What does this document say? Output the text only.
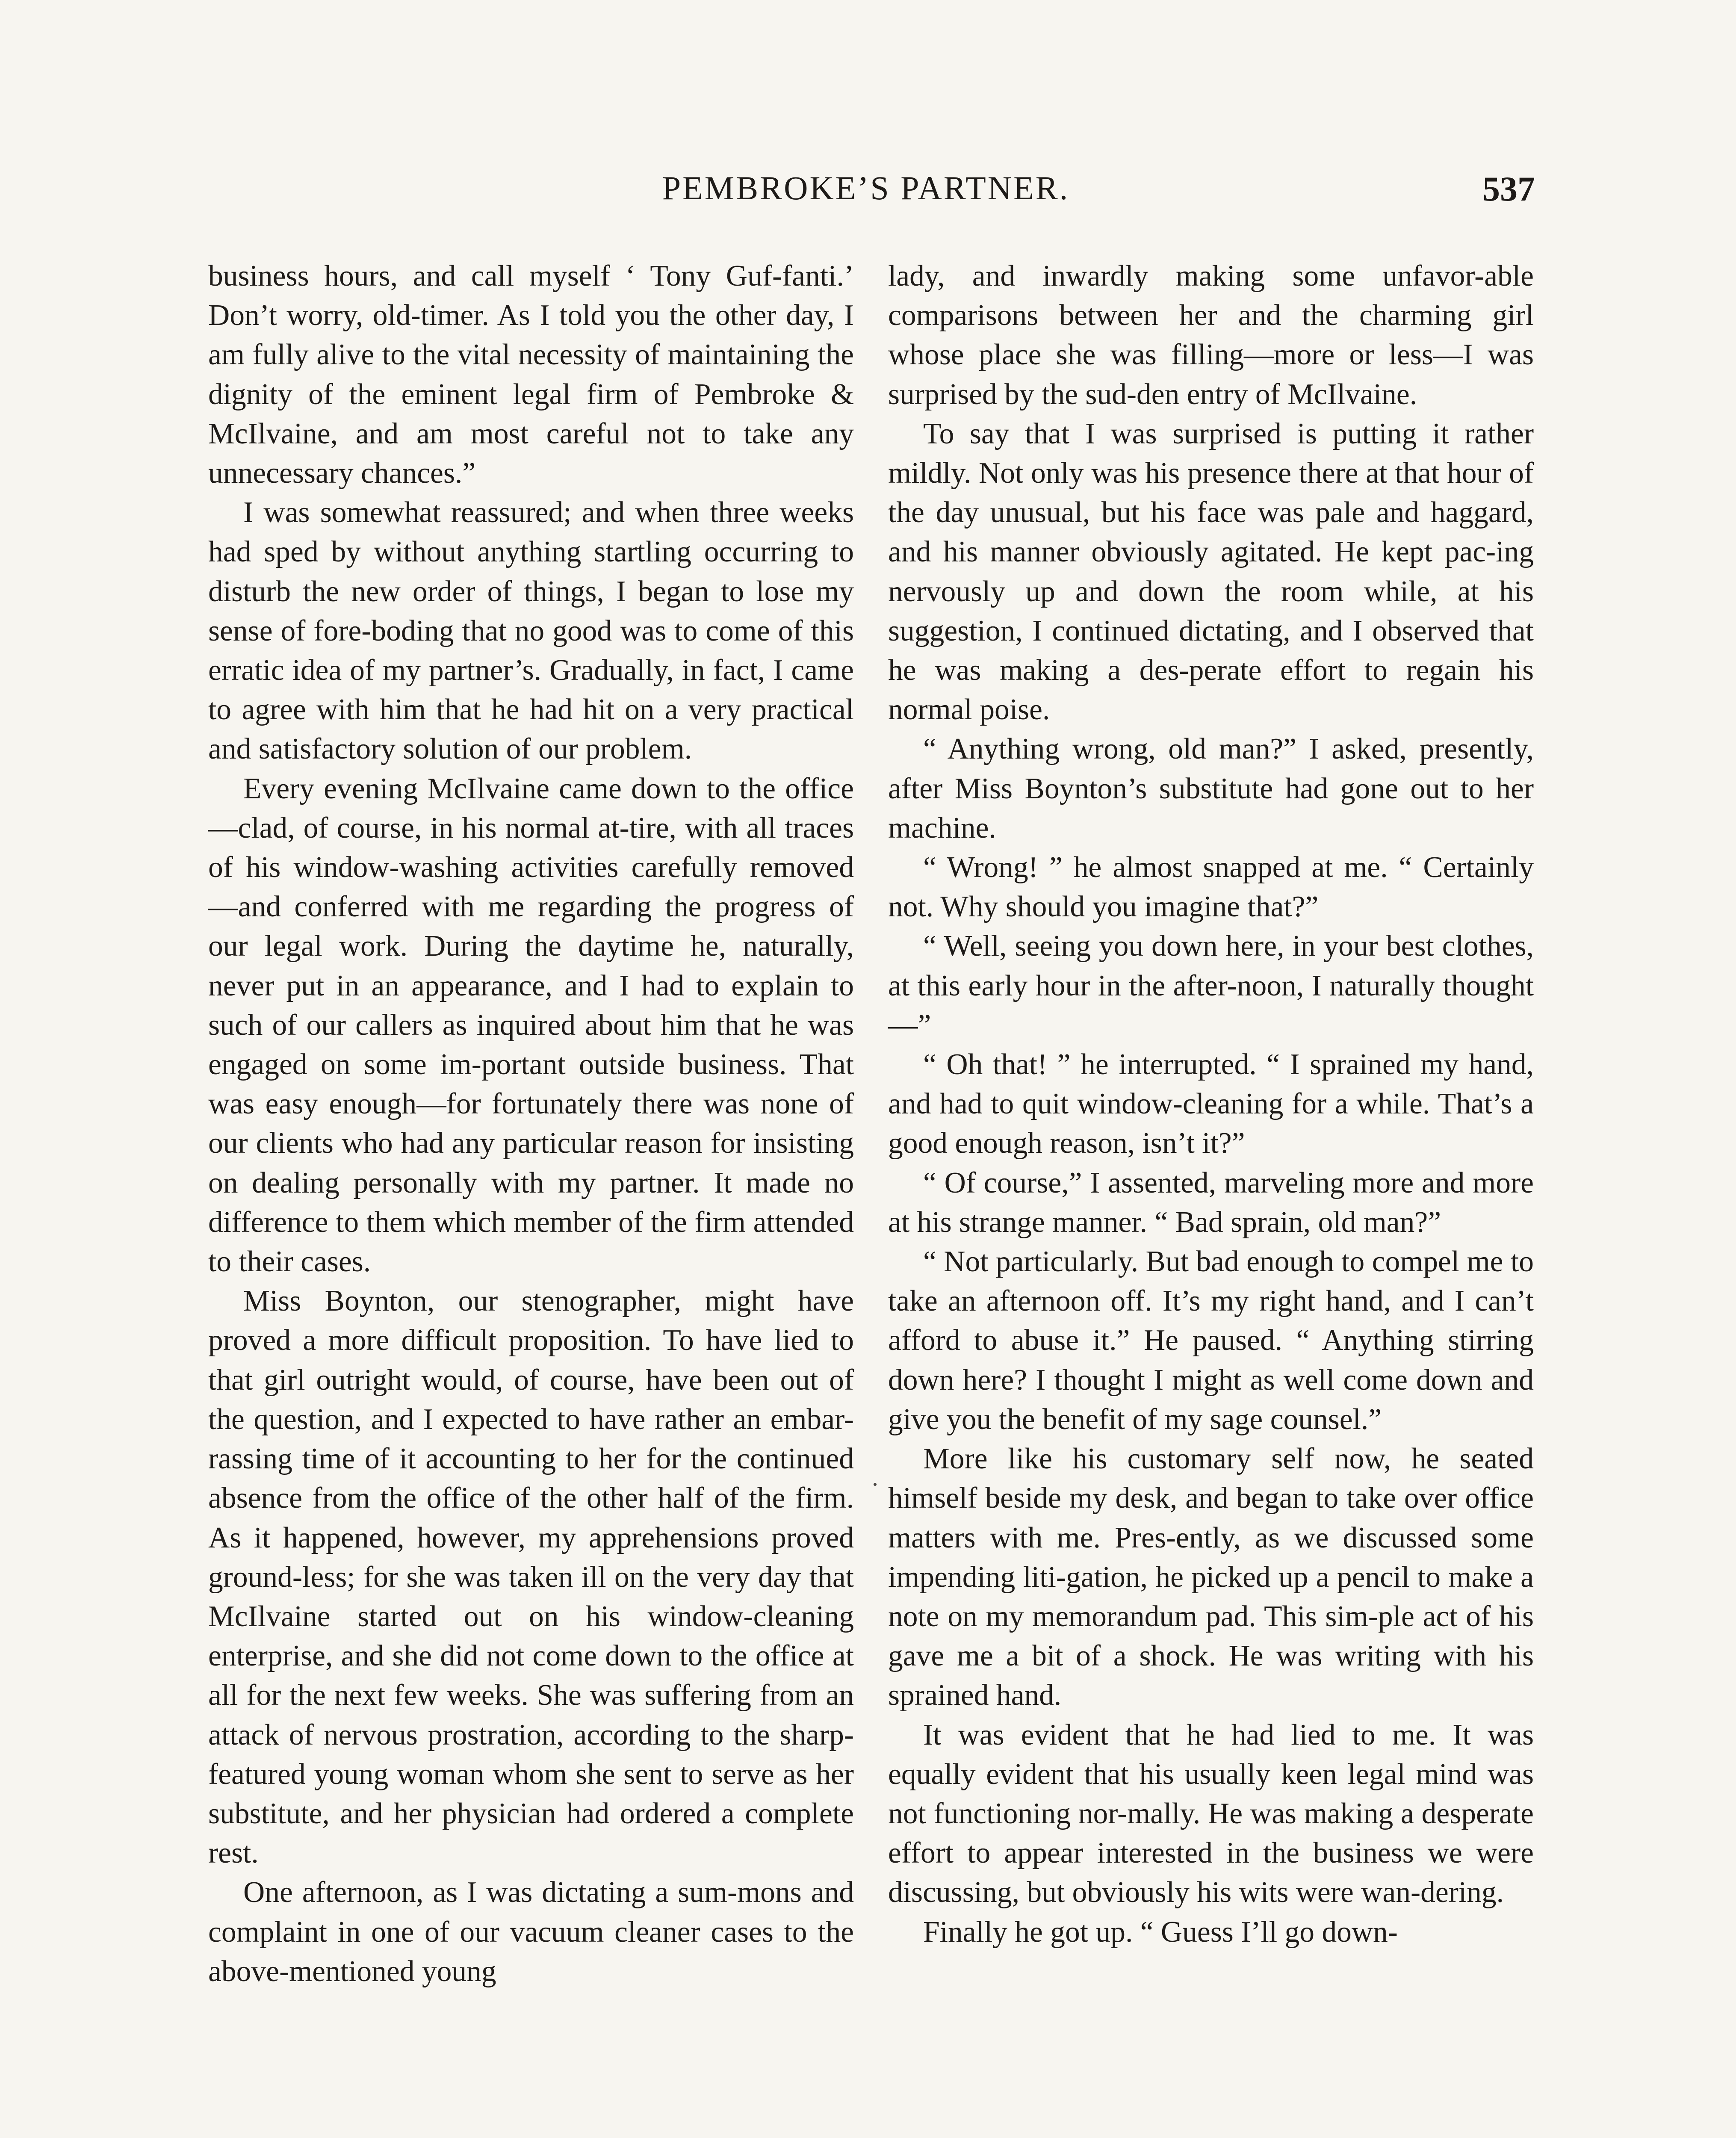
PEMBROKE’S PARTNER.	537

business hours, and call myself ‘ Tony Guf-fanti.’ Don’t worry, old-timer. As I told you the other day, I am fully alive to the vital necessity of maintaining the dignity of the eminent legal firm of Pembroke & McIlvaine, and am most careful not to take any unnecessary chances.”

I was somewhat reassured; and when three weeks had sped by without anything startling occurring to disturb the new order of things, I began to lose my sense of fore-boding that no good was to come of this erratic idea of my partner’s. Gradually, in fact, I came to agree with him that he had hit on a very practical and satisfactory solution of our problem.

Every evening McIlvaine came down to the office—clad, of course, in his normal at-tire, with all traces of his window-washing activities carefully removed—and conferred with me regarding the progress of our legal work. During the daytime he, naturally, never put in an appearance, and I had to explain to such of our callers as inquired about him that he was engaged on some im-portant outside business. That was easy enough—for fortunately there was none of our clients who had any particular reason for insisting on dealing personally with my partner. It made no difference to them which member of the firm attended to their cases.

Miss Boynton, our stenographer, might have proved a more difficult proposition. To have lied to that girl outright would, of course, have been out of the question, and I expected to have rather an embar-rassing time of it accounting to her for the continued absence from the office of the other half of the firm. As it happened, however, my apprehensions proved ground-less; for she was taken ill on the very day that McIlvaine started out on his window-cleaning enterprise, and she did not come down to the office at all for the next few weeks. She was suffering from an attack of nervous prostration, according to the sharp-featured young woman whom she sent to serve as her substitute, and her physician had ordered a complete rest.

One afternoon, as I was dictating a sum-mons and complaint in one of our vacuum cleaner cases to the above-mentioned young

lady, and inwardly making some unfavor-able comparisons between her and the charming girl whose place she was filling—more or less—I was surprised by the sud-den entry of McIlvaine.

To say that I was surprised is putting it rather mildly. Not only was his presence there at that hour of the day unusual, but his face was pale and haggard, and his manner obviously agitated. He kept pac-ing nervously up and down the room while, at his suggestion, I continued dictating, and I observed that he was making a des-perate effort to regain his normal poise.

“ Anything wrong, old man?” I asked, presently, after Miss Boynton’s substitute had gone out to her machine.

“ Wrong! ” he almost snapped at me. “ Certainly not. Why should you imagine that?”

“ Well, seeing you down here, in your best clothes, at this early hour in the after-noon, I naturally thought—”

“ Oh that! ” he interrupted. “ I sprained my hand, and had to quit window-cleaning for a while. That’s a good enough reason, isn’t it?”

“ Of course,” I assented, marveling more and more at his strange manner. “ Bad sprain, old man?”

“ Not particularly. But bad enough to compel me to take an afternoon off. It’s my right hand, and I can’t afford to abuse it.” He paused. “ Anything stirring down here? I thought I might as well come down and give you the benefit of my sage counsel.”

More like his customary self now, he seated himself beside my desk, and began to take over office matters with me. Pres-ently, as we discussed some impending liti-gation, he picked up a pencil to make a note on my memorandum pad. This sim-ple act of his gave me a bit of a shock. He was writing with his sprained hand.

It was evident that he had lied to me. It was equally evident that his usually keen legal mind was not functioning nor-mally. He was making a desperate effort to appear interested in the business we were discussing, but obviously his wits were wan-dering.

Finally he got up. “ Guess I’ll go down-
